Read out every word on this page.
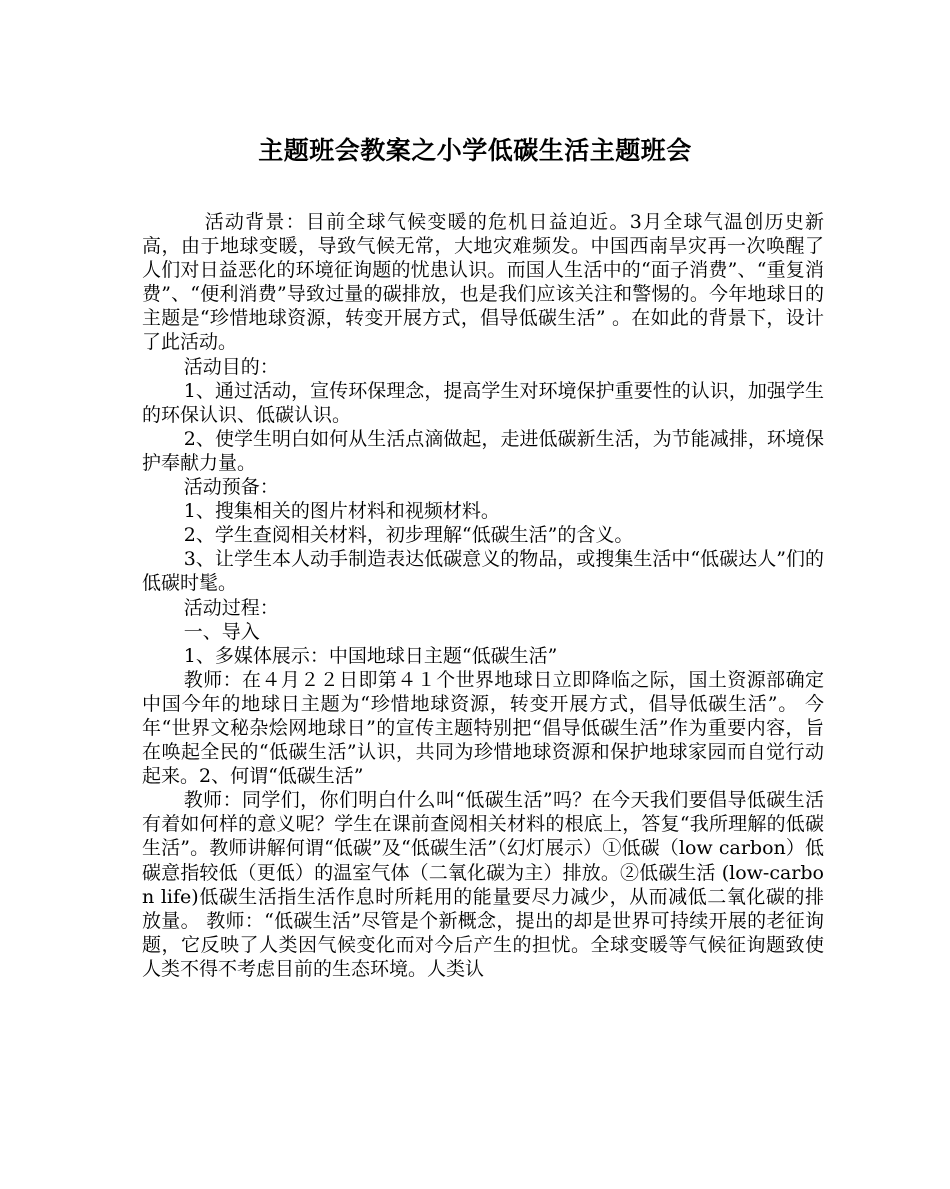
主题班会教案之小学低碳生活主题班会

活动背景：目前全球气候变暖的危机日益迫近。3月全球气温创历史新高，由于地球变暖，导致气候无常，大地灾难频发。中国西南旱灾再一次唤醒了人们对日益恶化的环境征询题的忧患认识。而国人生活中的“面子消费”、“重复消费”、“便利消费”导致过量的碳排放，也是我们应该关注和警惕的。今年地球日的主题是“珍惜地球资源，转变开展方式，倡导低碳生活” 。在如此的背景下，设计了此活动。

活动目的：

1、通过活动，宣传环保理念，提高学生对环境保护重要性的认识，加强学生的环保认识、低碳认识。

2、使学生明白如何从生活点滴做起，走进低碳新生活，为节能减排，环境保护奉献力量。

活动预备：

1、搜集相关的图片材料和视频材料。

2、学生查阅相关材料，初步理解“低碳生活”的含义。

3、让学生本人动手制造表达低碳意义的物品，或搜集生活中“低碳达人”们的低碳时髦。

活动过程：

一、导入

1、多媒体展示：中国地球日主题“低碳生活”

教师：在４月２２日即第４１个世界地球日立即降临之际，国土资源部确定中国今年的地球日主题为“珍惜地球资源，转变开展方式，倡导低碳生活”。 今年“世界文秘杂烩网地球日”的宣传主题特别把“倡导低碳生活”作为重要内容，旨在唤起全民的“低碳生活”认识，共同为珍惜地球资源和保护地球家园而自觉行动起来。2、何谓“低碳生活”

教师：同学们，你们明白什么叫“低碳生活”吗？在今天我们要倡导低碳生活有着如何样的意义呢？学生在课前查阅相关材料的根底上，答复“我所理解的低碳生活”。教师讲解何谓“低碳”及“低碳生活”（幻灯展示）①低碳（low carbon）低碳意指较低（更低）的温室气体（二氧化碳为主）排放。②低碳生活 (low-carbon life)低碳生活指生活作息时所耗用的能量要尽力减少，从而减低二氧化碳的排放量。 教师：“低碳生活”尽管是个新概念，提出的却是世界可持续开展的老征询题，它反映了人类因气候变化而对今后产生的担忧。全球变暖等气候征询题致使人类不得不考虑目前的生态环境。人类认
